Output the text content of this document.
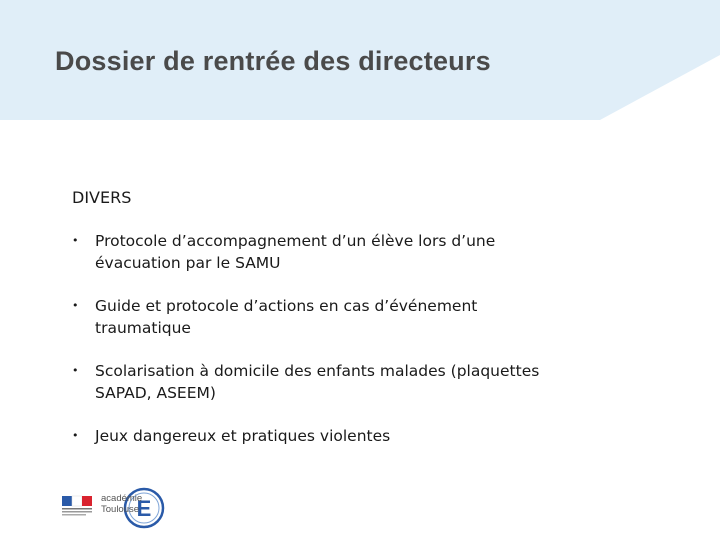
Dossier de rentrée des directeurs
DIVERS
• Protocole d’accompagnement d’un élève lors d’une
évacuation par le SAMU
• Guide et protocole d’actions en cas d’événement
traumatique
• Scolarisation à domicile des enfants malades (plaquettes
SAPAD, ASEEM)
• Jeux dangereux et pratiques violentes
E
académie
Toulouse
